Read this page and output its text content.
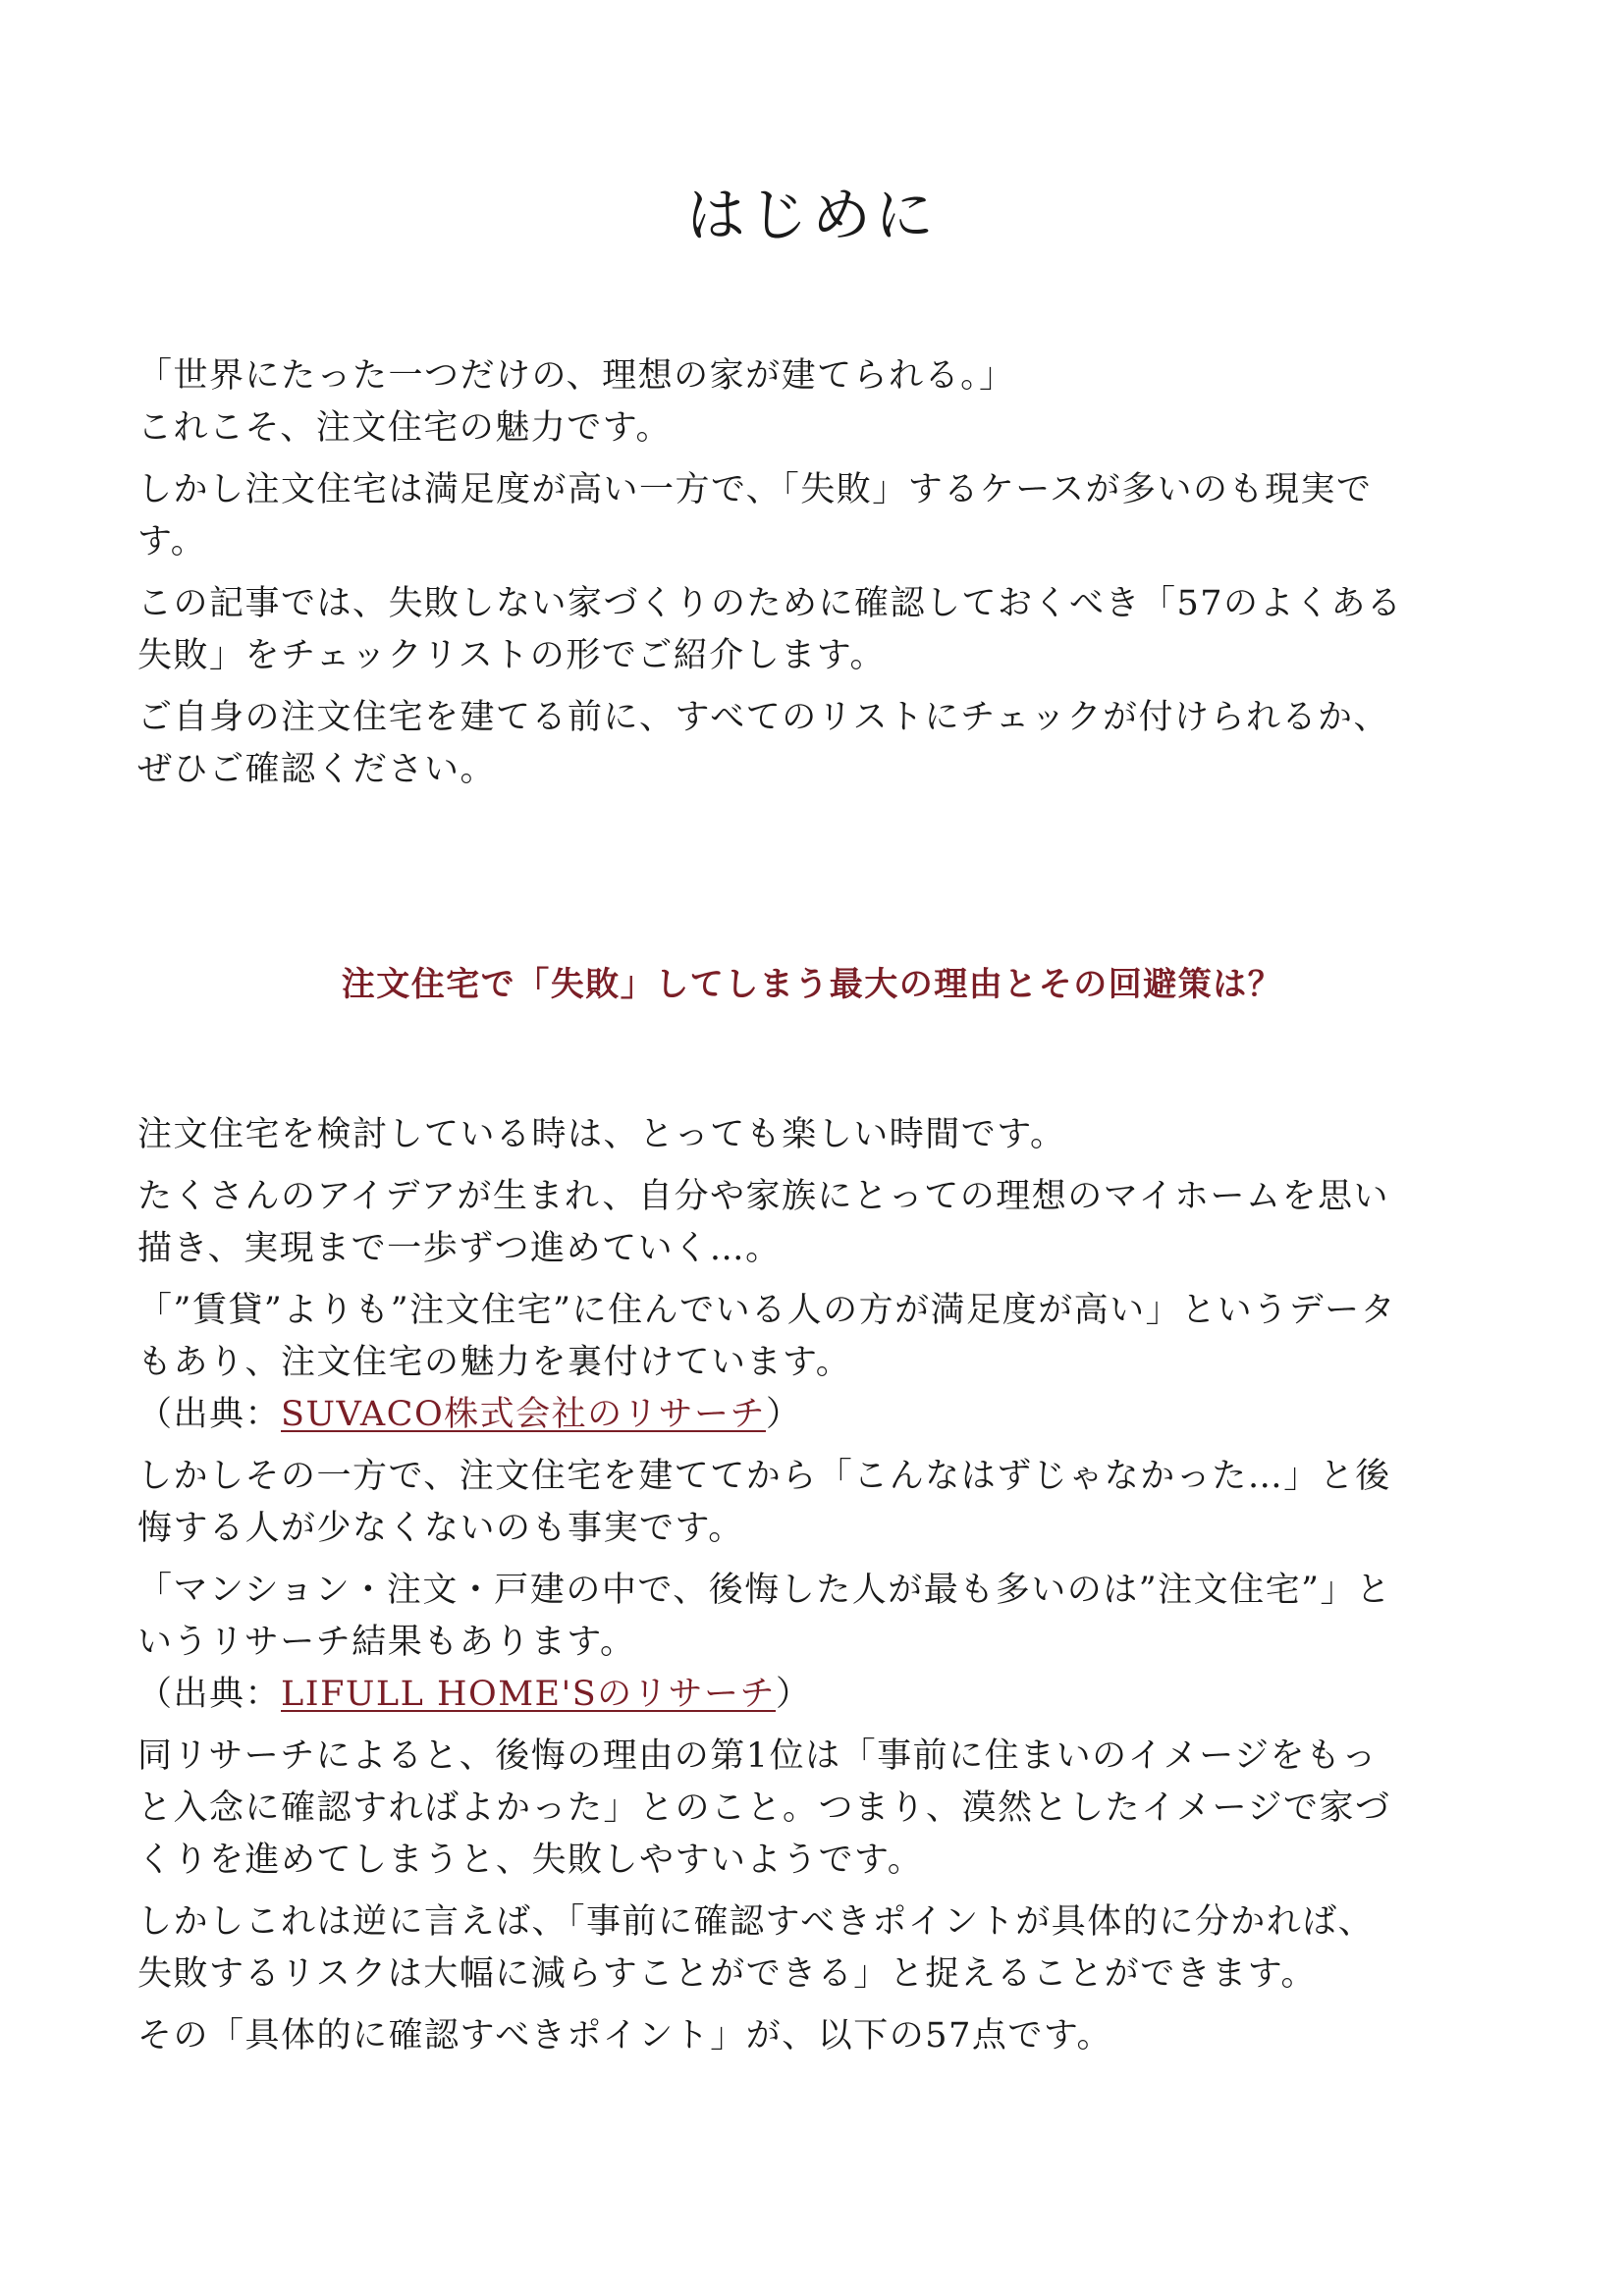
はじめに

「世界にたった一つだけの、理想の家が建てられる。」
これこそ、注文住宅の魅力です。

しかし注文住宅は満足度が高い一方で、「失敗」するケースが多いのも現実で
す。

この記事では、失敗しない家づくりのために確認しておくべき「57のよくある
失敗」をチェックリストの形でご紹介します。

ご自身の注文住宅を建てる前に、すべてのリストにチェックが付けられるか、
ぜひご確認ください。

注文住宅で「失敗」してしまう最大の理由とその回避策は？

注文住宅を検討している時は、とっても楽しい時間です。

たくさんのアイデアが生まれ、自分や家族にとっての理想のマイホームを思い
描き、実現まで一歩ずつ進めていく…。

「”賃貸”よりも”注文住宅”に住んでいる人の方が満足度が高い」というデータ
もあり、注文住宅の魅力を裏付けています。
（出典：SUVACO株式会社のリサーチ）

しかしその一方で、注文住宅を建ててから「こんなはずじゃなかった…」と後
悔する人が少なくないのも事実です。

「マンション・注文・戸建の中で、後悔した人が最も多いのは”注文住宅”」と
いうリサーチ結果もあります。
（出典：LIFULL HOME'Sのリサーチ）

同リサーチによると、後悔の理由の第1位は「事前に住まいのイメージをもっ
と入念に確認すればよかった」とのこと。つまり、漠然としたイメージで家づ
くりを進めてしまうと、失敗しやすいようです。

しかしこれは逆に言えば、「事前に確認すべきポイントが具体的に分かれば、
失敗するリスクは大幅に減らすことができる」と捉えることができます。

その「具体的に確認すべきポイント」が、以下の57点です。
